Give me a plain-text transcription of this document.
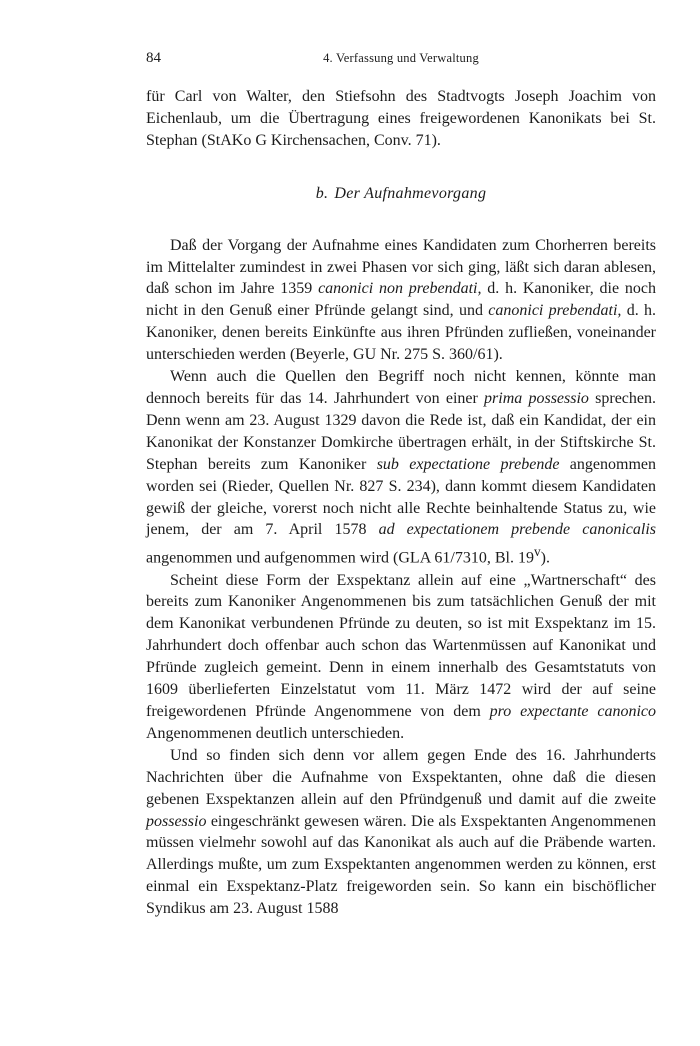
84	4. Verfassung und Verwaltung

für Carl von Walter, den Stiefsohn des Stadtvogts Joseph Joachim von Eichenlaub, um die Übertragung eines freigewordenen Kanonikats bei St. Stephan (StAKo G Kirchensachen, Conv. 71).

b. Der Aufnahmevorgang

Daß der Vorgang der Aufnahme eines Kandidaten zum Chorherren bereits im Mittelalter zumindest in zwei Phasen vor sich ging, läßt sich daran ablesen, daß schon im Jahre 1359 canonici non prebendati, d. h. Kanoniker, die noch nicht in den Genuß einer Pfründe gelangt sind, und canonici prebendati, d. h. Kanoniker, denen bereits Einkünfte aus ihren Pfründen zufließen, voneinander unterschieden werden (Beyerle, GU Nr. 275 S. 360/61).

Wenn auch die Quellen den Begriff noch nicht kennen, könnte man dennoch bereits für das 14. Jahrhundert von einer prima possessio sprechen. Denn wenn am 23. August 1329 davon die Rede ist, daß ein Kandidat, der ein Kanonikat der Konstanzer Domkirche übertragen erhält, in der Stiftskirche St. Stephan bereits zum Kanoniker sub expectatione prebende angenommen worden sei (Rieder, Quellen Nr. 827 S. 234), dann kommt diesem Kandidaten gewiß der gleiche, vorerst noch nicht alle Rechte beinhaltende Status zu, wie jenem, der am 7. April 1578 ad expectationem prebende canonicalis angenommen und aufgenommen wird (GLA 61/7310, Bl. 19$^v$).

Scheint diese Form der Exspektanz allein auf eine „Wartnerschaft“ des bereits zum Kanoniker Angenommenen bis zum tatsächlichen Genuß der mit dem Kanonikat verbundenen Pfründe zu deuten, so ist mit Exspektanz im 15. Jahrhundert doch offenbar auch schon das Wartenmüssen auf Kanonikat und Pfründe zugleich gemeint. Denn in einem innerhalb des Gesamtstatuts von 1609 überlieferten Einzelstatut vom 11. März 1472 wird der auf seine freigewordenen Pfründe Angenommene von dem pro expectante canonico Angenommenen deutlich unterschieden.

Und so finden sich denn vor allem gegen Ende des 16. Jahrhunderts Nachrichten über die Aufnahme von Exspektanten, ohne daß die diesen gebenen Exspektanzen allein auf den Pfründgenuß und damit auf die zweite possessio eingeschränkt gewesen wären. Die als Exspektanten Angenommenen müssen vielmehr sowohl auf das Kanonikat als auch auf die Präbende warten. Allerdings mußte, um zum Exspektanten angenommen werden zu können, erst einmal ein Exspektanz-Platz freigeworden sein. So kann ein bischöflicher Syndikus am 23. August 1588
